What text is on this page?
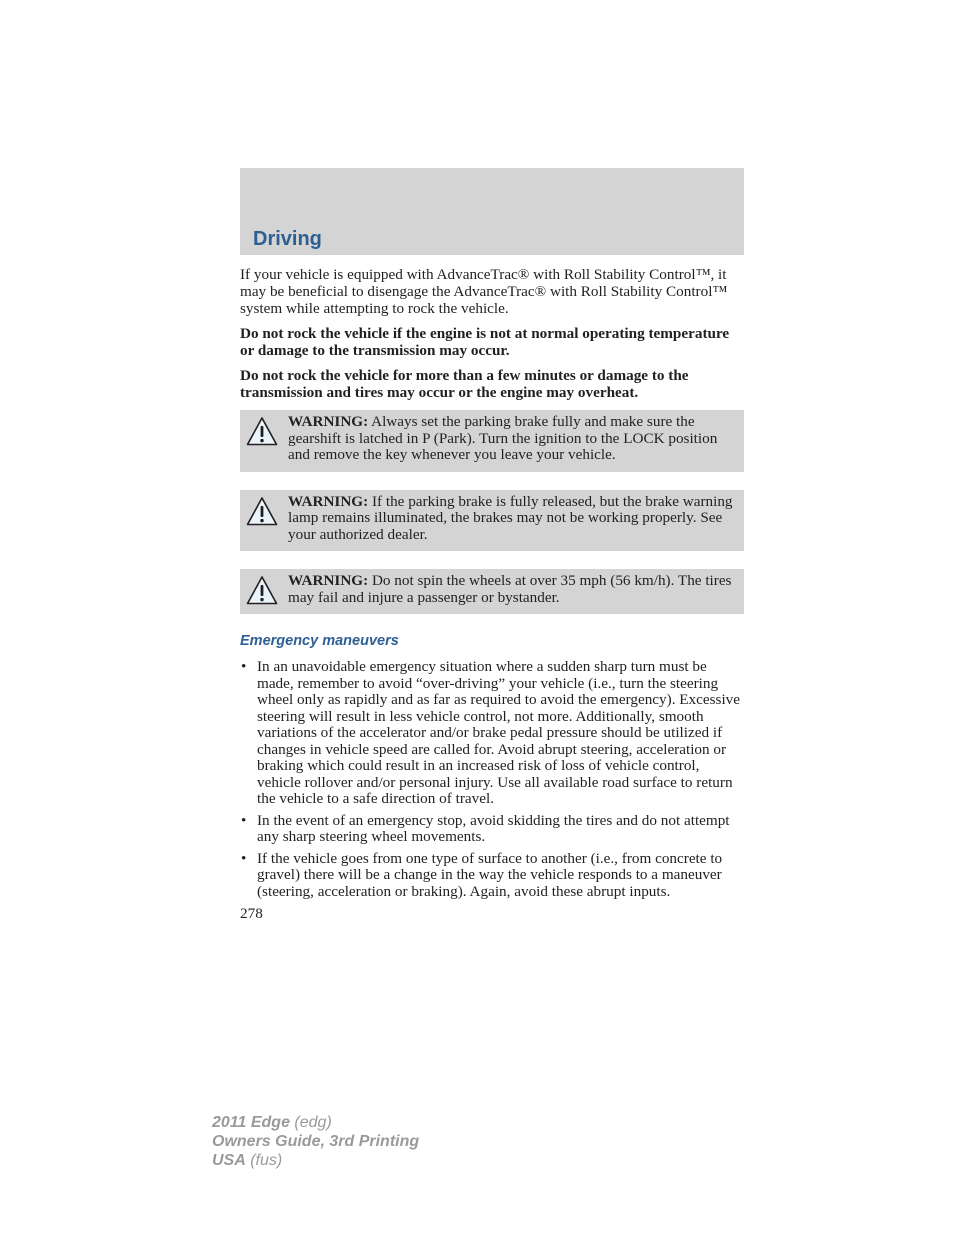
Driving

If your vehicle is equipped with AdvanceTrac® with Roll Stability Control™, it may be beneficial to disengage the AdvanceTrac® with Roll Stability Control™ system while attempting to rock the vehicle.

Do not rock the vehicle if the engine is not at normal operating temperature or damage to the transmission may occur.

Do not rock the vehicle for more than a few minutes or damage to the transmission and tires may occur or the engine may overheat.

WARNING: Always set the parking brake fully and make sure the gearshift is latched in P (Park). Turn the ignition to the LOCK position and remove the key whenever you leave your vehicle.
WARNING: If the parking brake is fully released, but the brake warning lamp remains illuminated, the brakes may not be working properly. See your authorized dealer.
WARNING: Do not spin the wheels at over 35 mph (56 km/h). The tires may fail and injure a passenger or bystander.
Emergency maneuvers
• In an unavoidable emergency situation where a sudden sharp turn must be made, remember to avoid “over-driving” your vehicle (i.e., turn the steering wheel only as rapidly and as far as required to avoid the emergency). Excessive steering will result in less vehicle control, not more. Additionally, smooth variations of the accelerator and/or brake pedal pressure should be utilized if changes in vehicle speed are called for. Avoid abrupt steering, acceleration or braking which could result in an increased risk of loss of vehicle control, vehicle rollover and/or personal injury. Use all available road surface to return the vehicle to a safe direction of travel.
• In the event of an emergency stop, avoid skidding the tires and do not attempt any sharp steering wheel movements.
• If the vehicle goes from one type of surface to another (i.e., from concrete to gravel) there will be a change in the way the vehicle responds to a maneuver (steering, acceleration or braking). Again, avoid these abrupt inputs.
278
2011 Edge (edg)
Owners Guide, 3rd Printing
USA (fus)
